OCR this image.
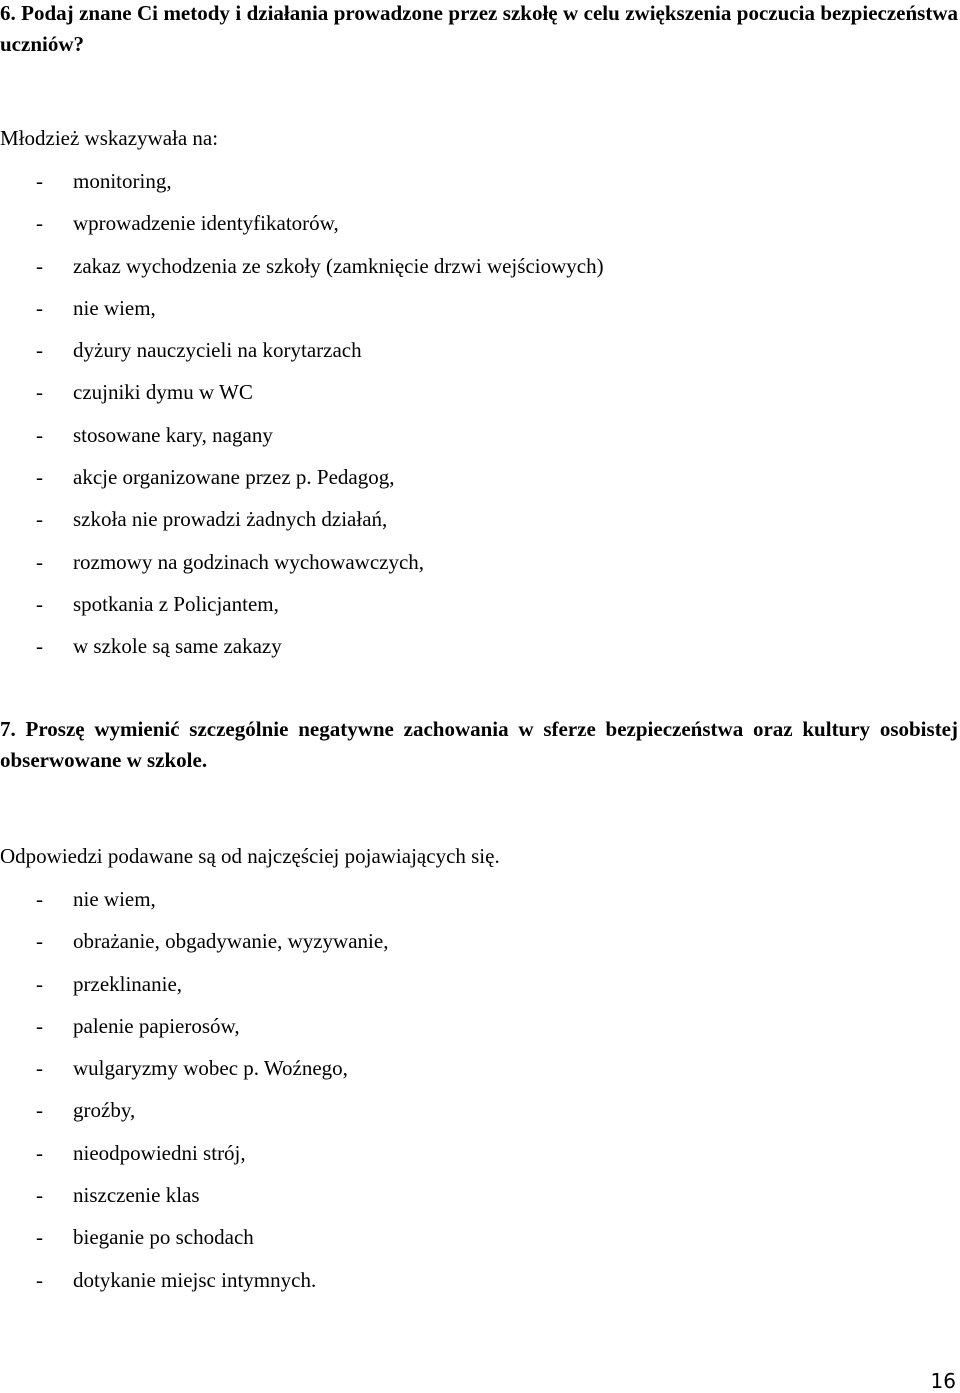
6. Podaj znane Ci metody i działania prowadzone przez szkołę w celu zwiększenia poczucia bezpieczeństwa uczniów?

Młodzież wskazywała na:

- monitoring,
- wprowadzenie identyfikatorów,
- zakaz wychodzenia ze szkoły (zamknięcie drzwi wejściowych)
- nie wiem,
- dyżury nauczycieli na korytarzach
- czujniki dymu w WC
- stosowane kary, nagany
- akcje organizowane przez p. Pedagog,
- szkoła nie prowadzi żadnych działań,
- rozmowy na godzinach wychowawczych,
- spotkania z Policjantem,
- w szkole są same zakazy

7. Proszę wymienić szczególnie negatywne zachowania w sferze bezpieczeństwa oraz kultury osobistej obserwowane w szkole.

Odpowiedzi podawane są od najczęściej pojawiających się.

- nie wiem,
- obrażanie, obgadywanie, wyzywanie,
- przeklinanie,
- palenie papierosów,
- wulgaryzmy wobec p. Woźnego,
- groźby,
- nieodpowiedni strój,
- niszczenie klas
- bieganie po schodach
- dotykanie miejsc intymnych.
16
